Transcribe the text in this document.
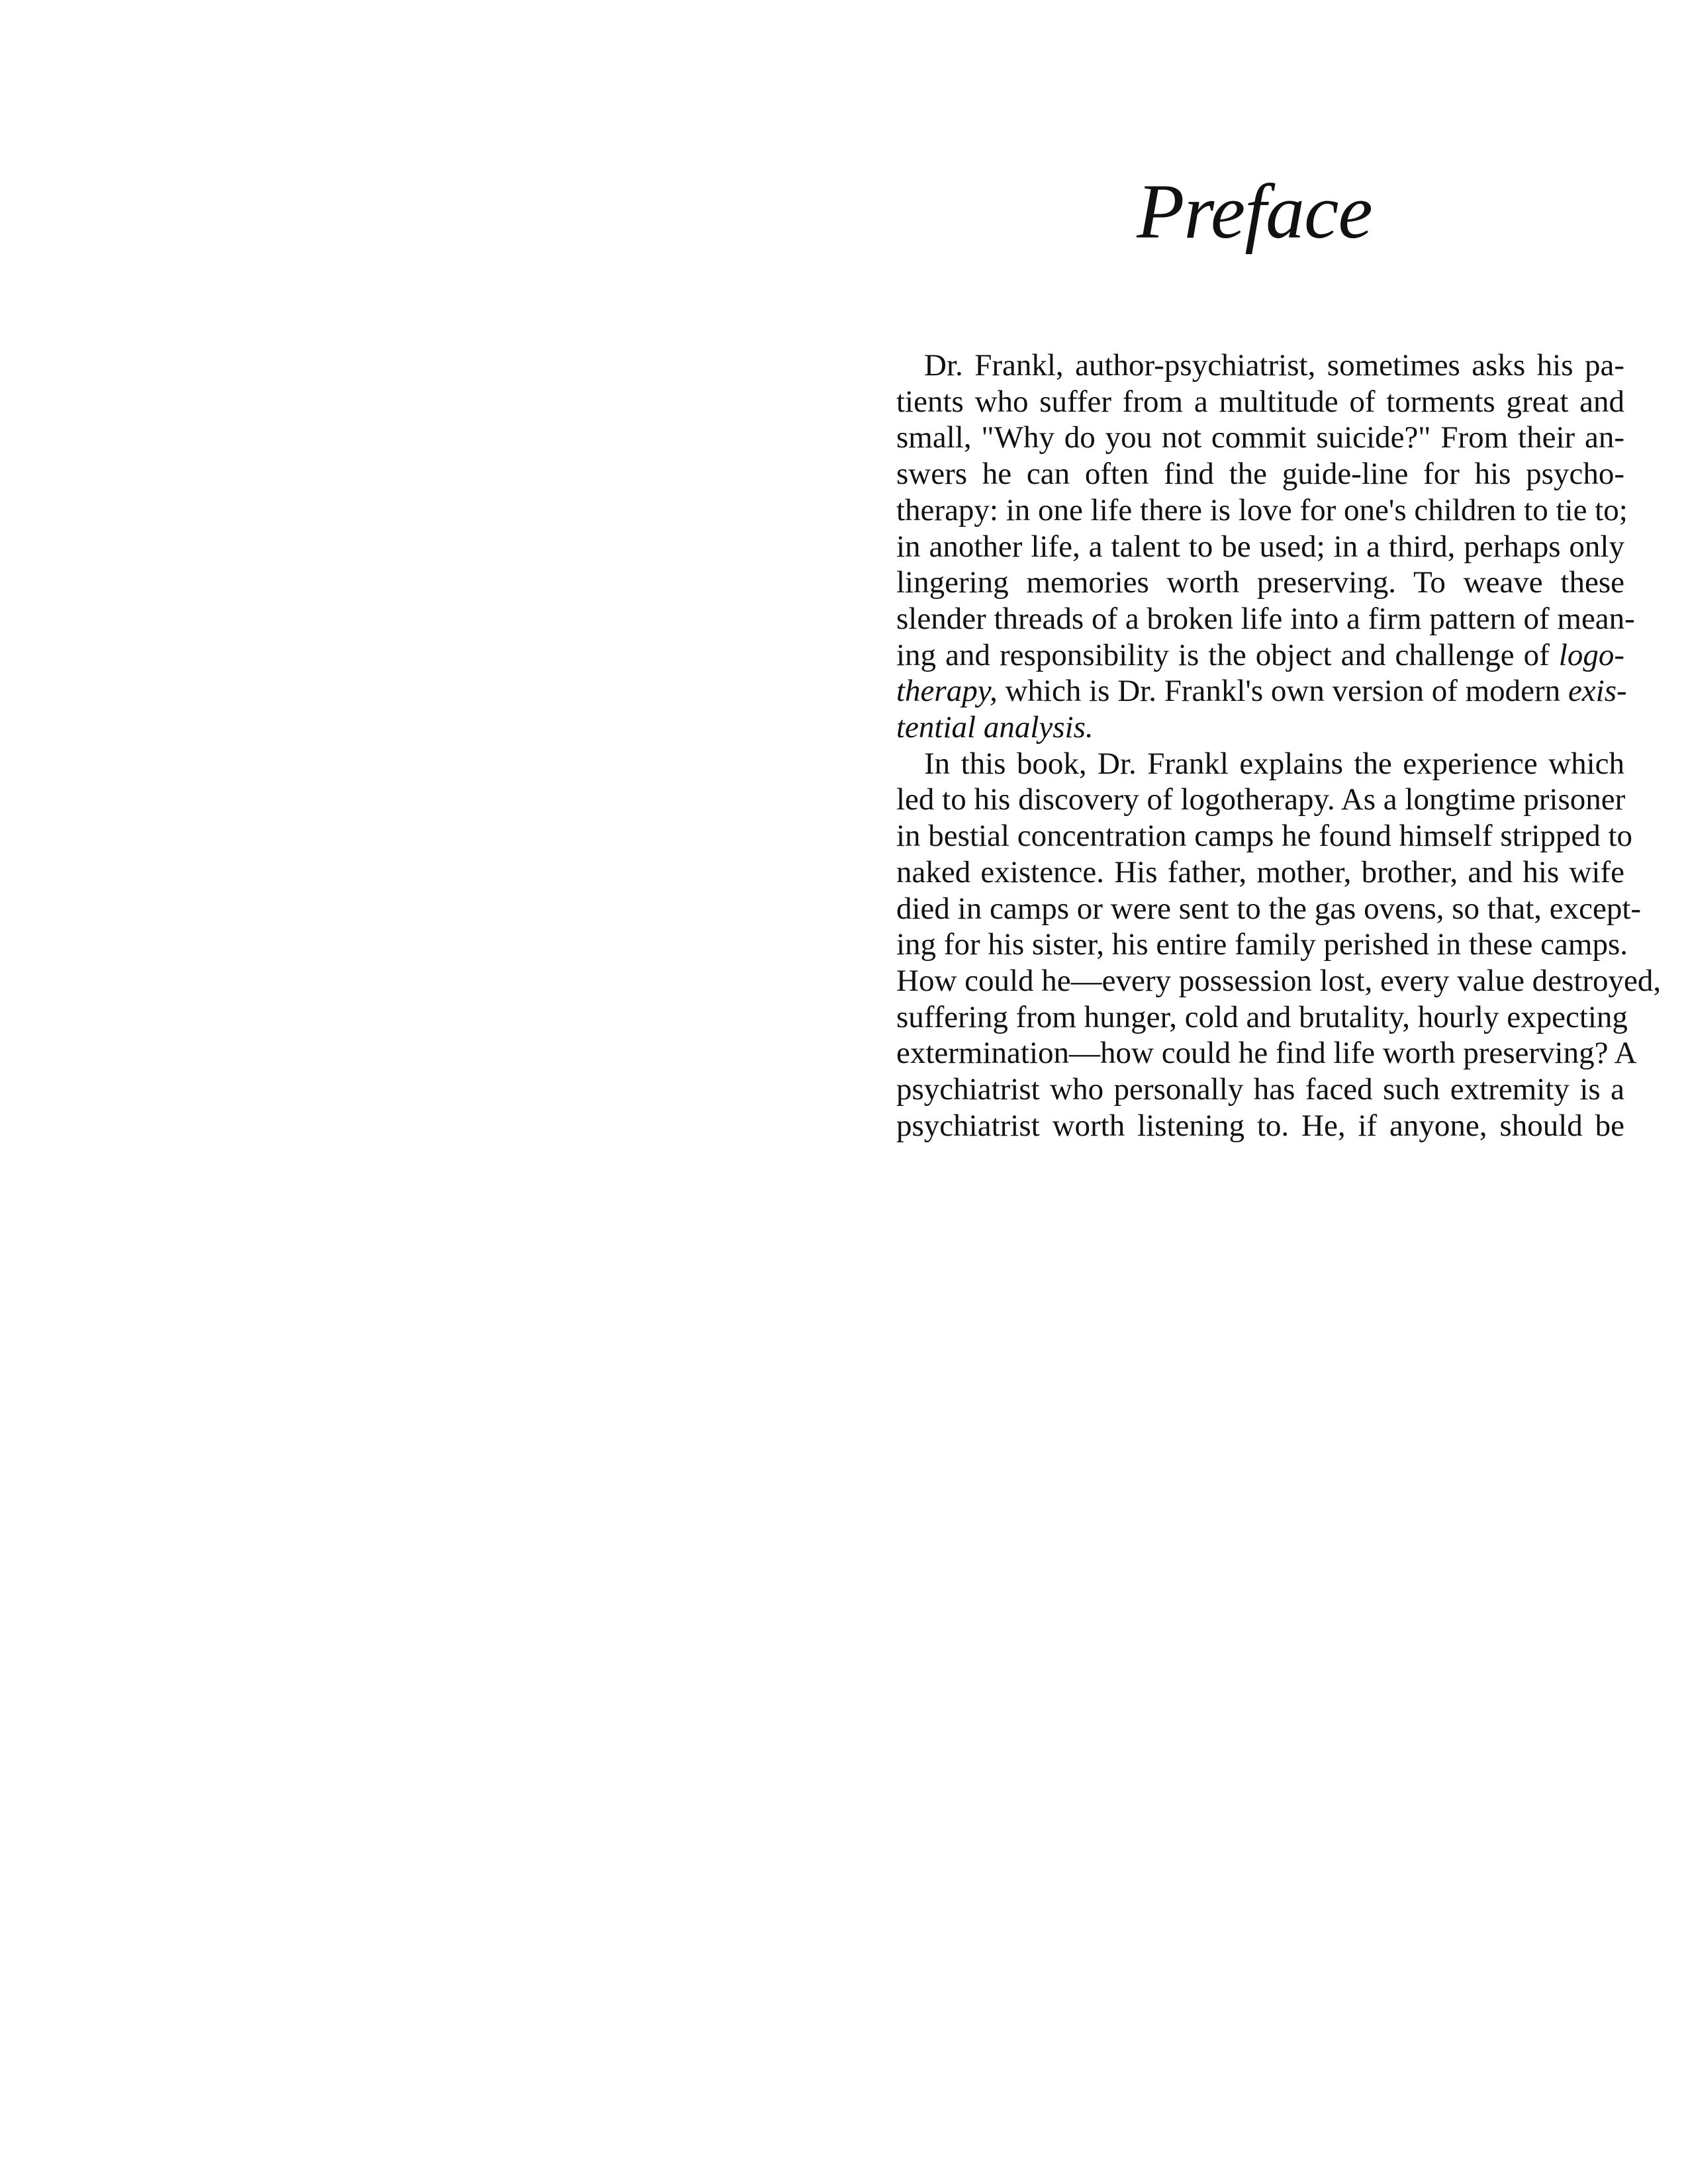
Preface
Dr. Frankl, author-psychiatrist, sometimes asks his pa-
tients who suffer from a multitude of torments great and
small, "Why do you not commit suicide?" From their an-
swers he can often find the guide-line for his psycho-
therapy: in one life there is love for one's children to tie to;
in another life, a talent to be used; in a third, perhaps only
lingering memories worth preserving. To weave these
slender threads of a broken life into a firm pattern of mean-
ing and responsibility is the object and challenge of logo-
therapy, which is Dr. Frankl's own version of modern exis-
tential analysis.
In this book, Dr. Frankl explains the experience which
led to his discovery of logotherapy. As a longtime prisoner
in bestial concentration camps he found himself stripped to
naked existence. His father, mother, brother, and his wife
died in camps or were sent to the gas ovens, so that, except-
ing for his sister, his entire family perished in these camps.
How could he—every possession lost, every value destroyed,
suffering from hunger, cold and brutality, hourly expecting
extermination—how could he find life worth preserving? A
psychiatrist who personally has faced such extremity is a
psychiatrist worth listening to. He, if anyone, should be
